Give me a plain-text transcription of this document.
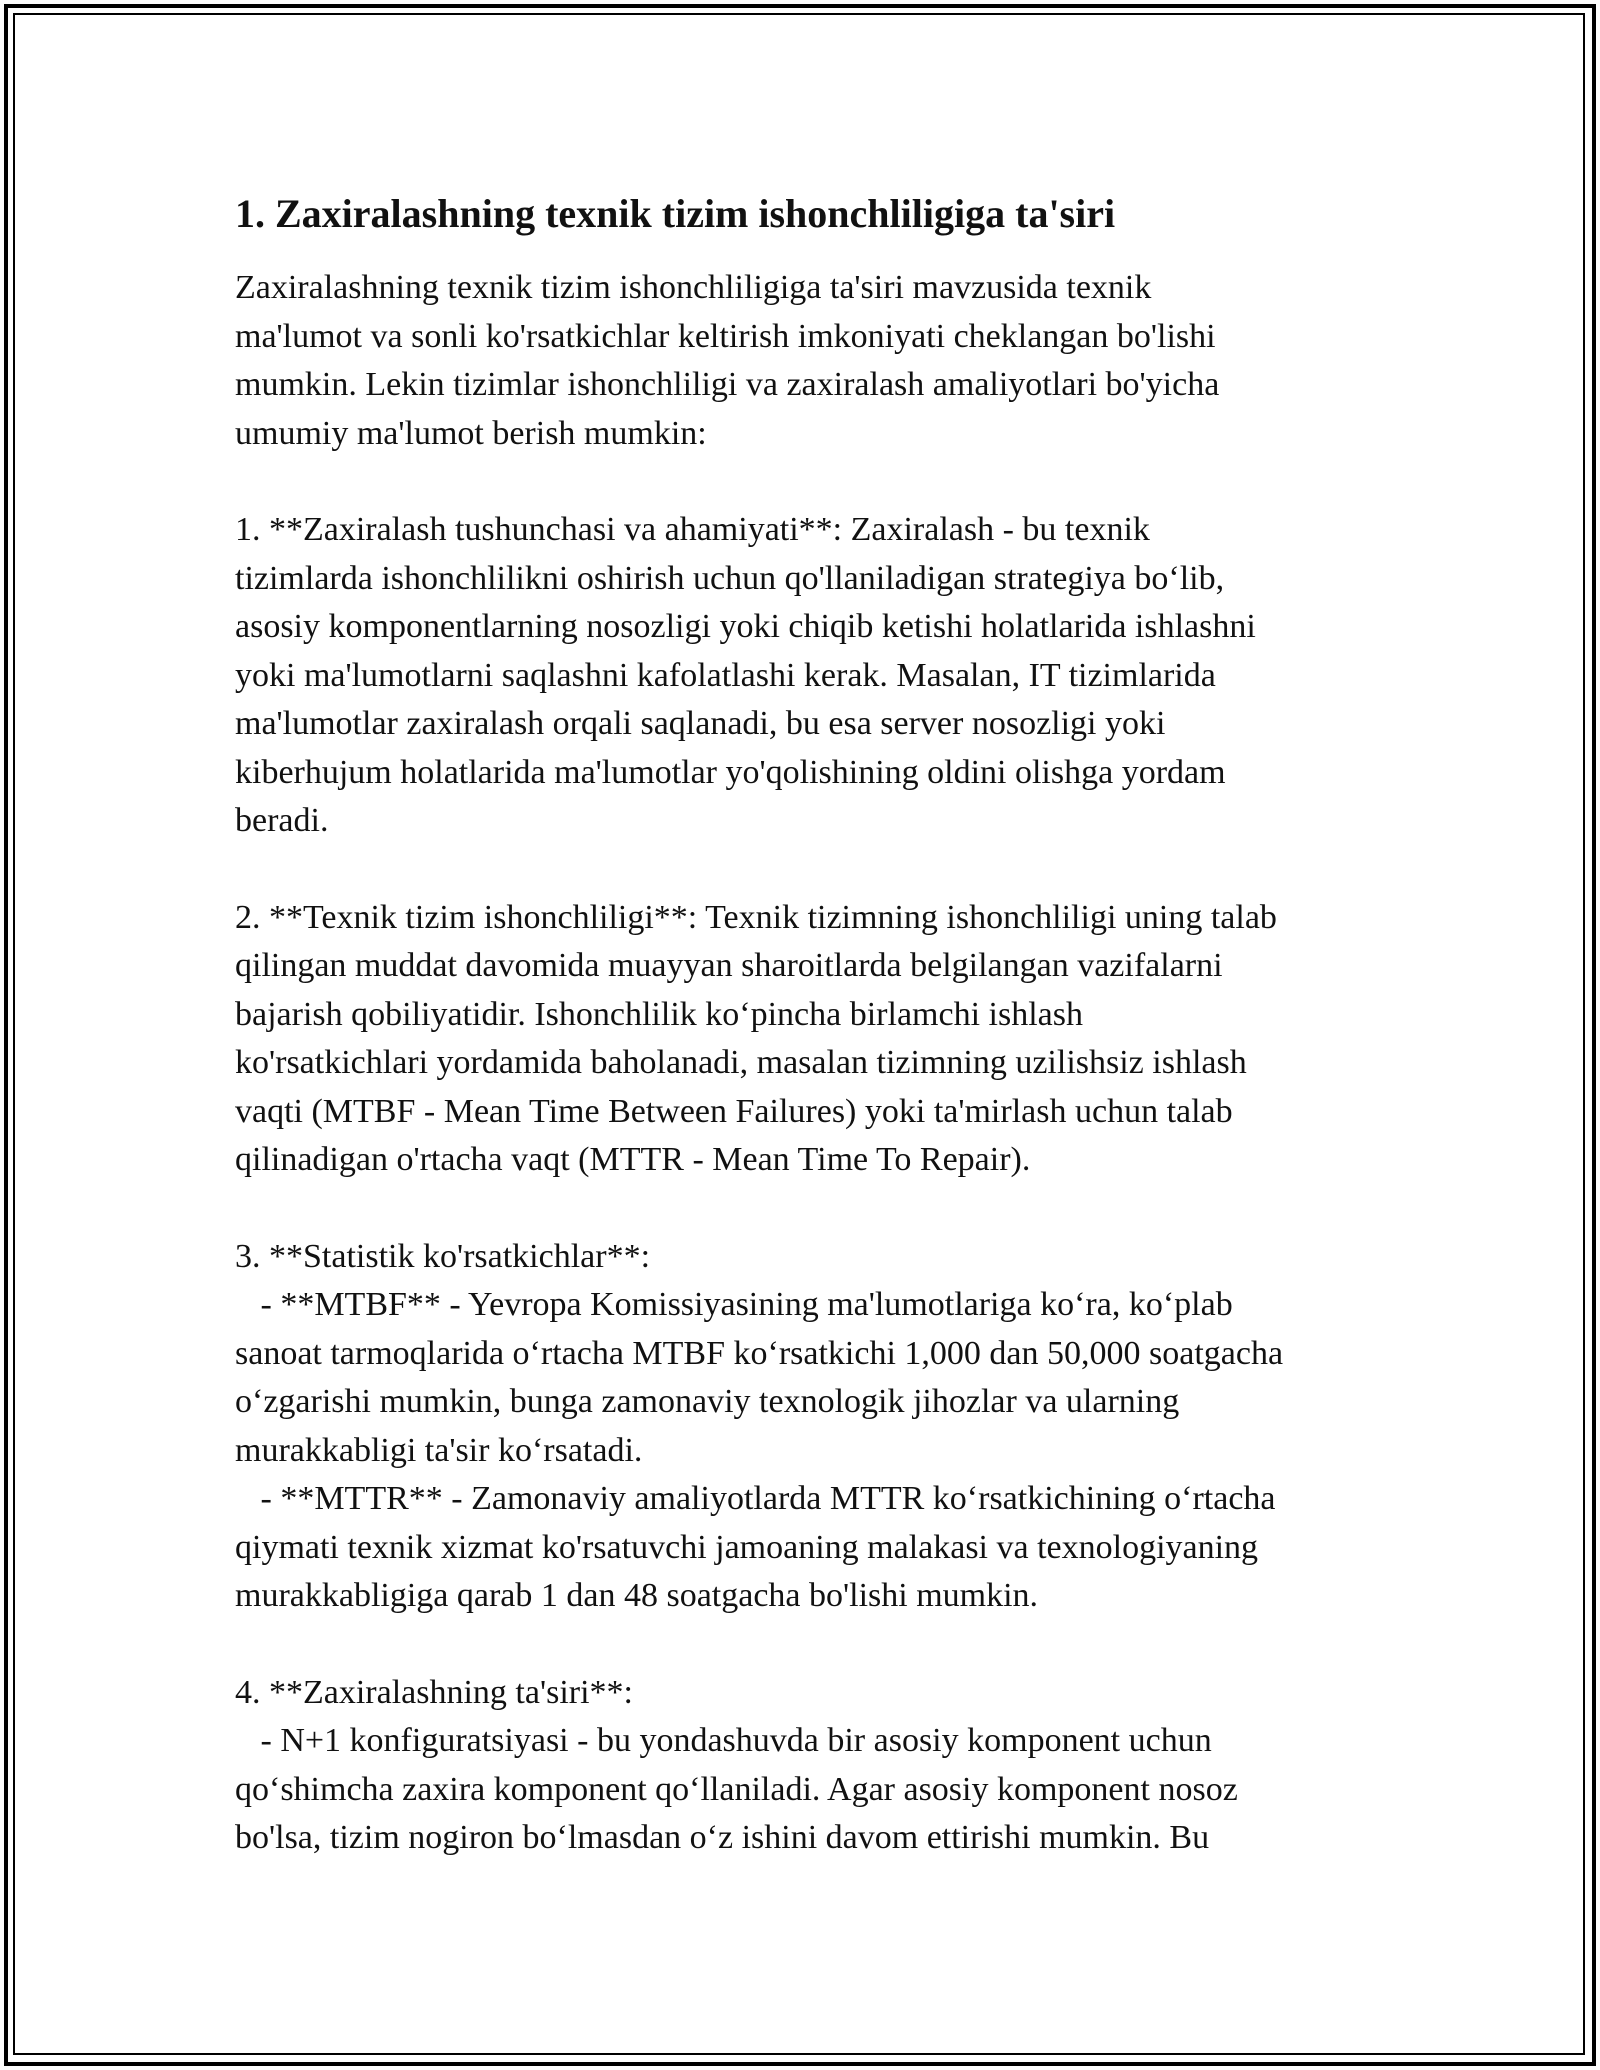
1. Zaxiralashning texnik tizim ishonchliligiga ta'siri

Zaxiralashning texnik tizim ishonchliligiga ta'siri mavzusida texnik
ma'lumot va sonli ko'rsatkichlar keltirish imkoniyati cheklangan bo'lishi
mumkin. Lekin tizimlar ishonchliligi va zaxiralash amaliyotlari bo'yicha
umumiy ma'lumot berish mumkin:

1. **Zaxiralash tushunchasi va ahamiyati**: Zaxiralash - bu texnik
tizimlarda ishonchlilikni oshirish uchun qo'llaniladigan strategiya bo‘lib,
asosiy komponentlarning nosozligi yoki chiqib ketishi holatlarida ishlashni
yoki ma'lumotlarni saqlashni kafolatlashi kerak. Masalan, IT tizimlarida
ma'lumotlar zaxiralash orqali saqlanadi, bu esa server nosozligi yoki
kiberhujum holatlarida ma'lumotlar yo'qolishining oldini olishga yordam
beradi.

2. **Texnik tizim ishonchliligi**: Texnik tizimning ishonchliligi uning talab
qilingan muddat davomida muayyan sharoitlarda belgilangan vazifalarni
bajarish qobiliyatidir. Ishonchlilik ko‘pincha birlamchi ishlash
ko'rsatkichlari yordamida baholanadi, masalan tizimning uzilishsiz ishlash
vaqti (MTBF - Mean Time Between Failures) yoki ta'mirlash uchun talab
qilinadigan o'rtacha vaqt (MTTR - Mean Time To Repair).

3. **Statistik ko'rsatkichlar**:
- **MTBF** - Yevropa Komissiyasining ma'lumotlariga ko‘ra, ko‘plab
sanoat tarmoqlarida o‘rtacha MTBF ko‘rsatkichi 1,000 dan 50,000 soatgacha
o‘zgarishi mumkin, bunga zamonaviy texnologik jihozlar va ularning
murakkabligi ta'sir ko‘rsatadi.
- **MTTR** - Zamonaviy amaliyotlarda MTTR ko‘rsatkichining o‘rtacha
qiymati texnik xizmat ko'rsatuvchi jamoaning malakasi va texnologiyaning
murakkabligiga qarab 1 dan 48 soatgacha bo'lishi mumkin.

4. **Zaxiralashning ta'siri**:
- N+1 konfiguratsiyasi - bu yondashuvda bir asosiy komponent uchun
qo‘shimcha zaxira komponent qo‘llaniladi. Agar asosiy komponent nosoz
bo'lsa, tizim nogiron bo‘lmasdan o‘z ishini davom ettirishi mumkin. Bu
